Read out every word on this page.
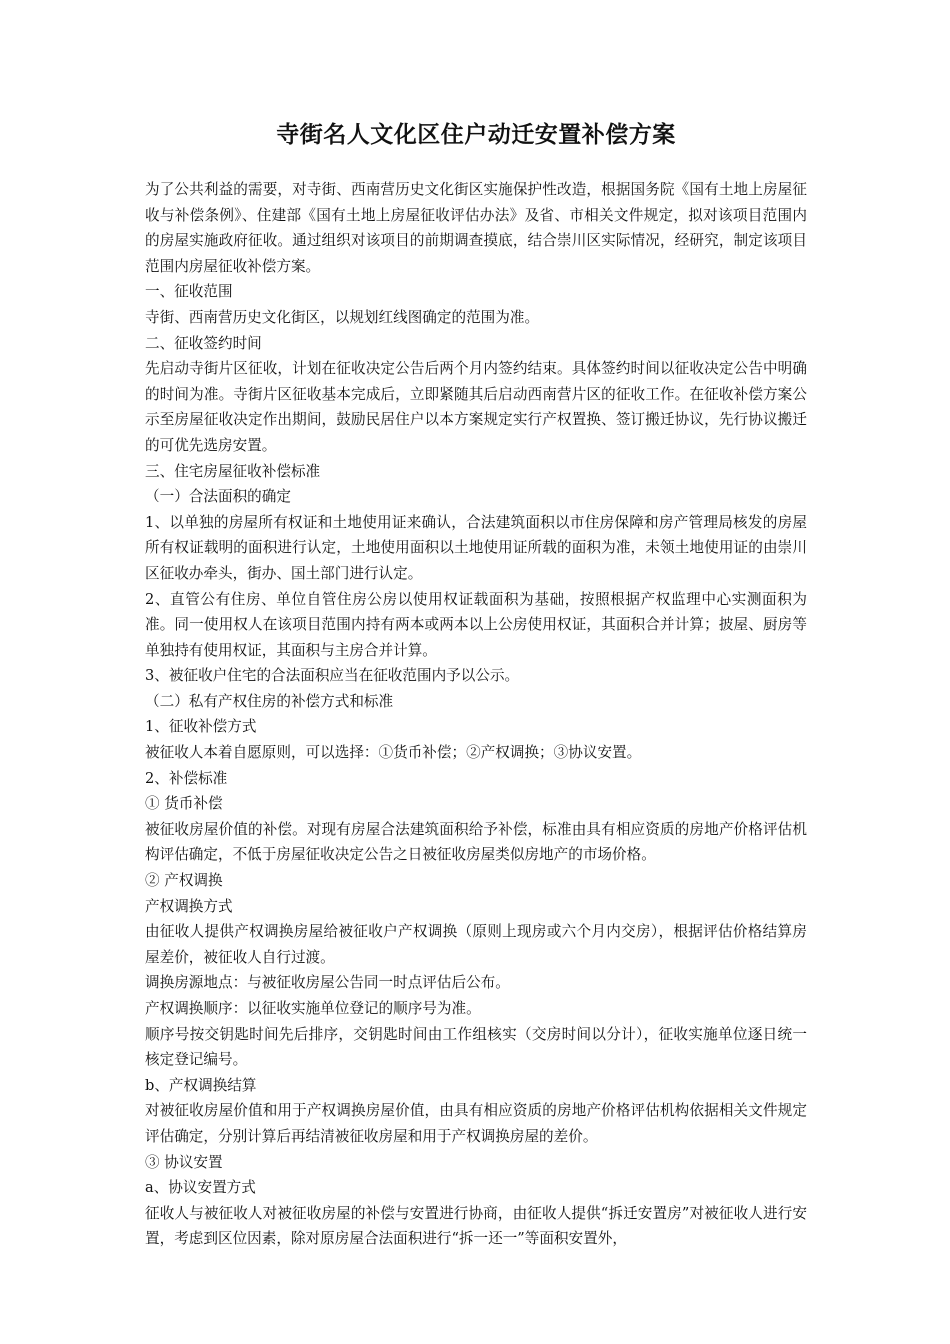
寺街名人文化区住户动迁安置补偿方案

为了公共利益的需要，对寺街、西南营历史文化街区实施保护性改造，根据国务院《国有土地上房屋征收与补偿条例》、住建部《国有土地上房屋征收评估办法》及省、市相关文件规定，拟对该项目范围内的房屋实施政府征收。通过组织对该项目的前期调查摸底，结合崇川区实际情况，经研究，制定该项目范围内房屋征收补偿方案。

一、征收范围

寺街、西南营历史文化街区，以规划红线图确定的范围为准。

二、征收签约时间

先启动寺街片区征收，计划在征收决定公告后两个月内签约结束。具体签约时间以征收决定公告中明确的时间为准。寺街片区征收基本完成后，立即紧随其后启动西南营片区的征收工作。在征收补偿方案公示至房屋征收决定作出期间，鼓励民居住户以本方案规定实行产权置换、签订搬迁协议，先行协议搬迁的可优先选房安置。

三、住宅房屋征收补偿标准

（一）合法面积的确定

1、以单独的房屋所有权证和土地使用证来确认，合法建筑面积以市住房保障和房产管理局核发的房屋所有权证载明的面积进行认定，土地使用面积以土地使用证所载的面积为准，未领土地使用证的由崇川区征收办牵头，街办、国土部门进行认定。

2、直管公有住房、单位自管住房公房以使用权证载面积为基础，按照根据产权监理中心实测面积为准。同一使用权人在该项目范围内持有两本或两本以上公房使用权证，其面积合并计算；披屋、厨房等单独持有使用权证，其面积与主房合并计算。

3、被征收户住宅的合法面积应当在征收范围内予以公示。

（二）私有产权住房的补偿方式和标准

1、征收补偿方式

被征收人本着自愿原则，可以选择：①货币补偿；②产权调换；③协议安置。

2、补偿标准

① 货币补偿

被征收房屋价值的补偿。对现有房屋合法建筑面积给予补偿，标准由具有相应资质的房地产价格评估机构评估确定，不低于房屋征收决定公告之日被征收房屋类似房地产的市场价格。

② 产权调换

产权调换方式

由征收人提供产权调换房屋给被征收户产权调换（原则上现房或六个月内交房），根据评估价格结算房屋差价，被征收人自行过渡。

调换房源地点：与被征收房屋公告同一时点评估后公布。

产权调换顺序：以征收实施单位登记的顺序号为准。

顺序号按交钥匙时间先后排序，交钥匙时间由工作组核实（交房时间以分计），征收实施单位逐日统一核定登记编号。

b、产权调换结算

对被征收房屋价值和用于产权调换房屋价值，由具有相应资质的房地产价格评估机构依据相关文件规定评估确定，分别计算后再结清被征收房屋和用于产权调换房屋的差价。

③ 协议安置

a、协议安置方式

征收人与被征收人对被征收房屋的补偿与安置进行协商，由征收人提供“拆迁安置房”对被征收人进行安置，考虑到区位因素，除对原房屋合法面积进行“拆一还一”等面积安置外，
